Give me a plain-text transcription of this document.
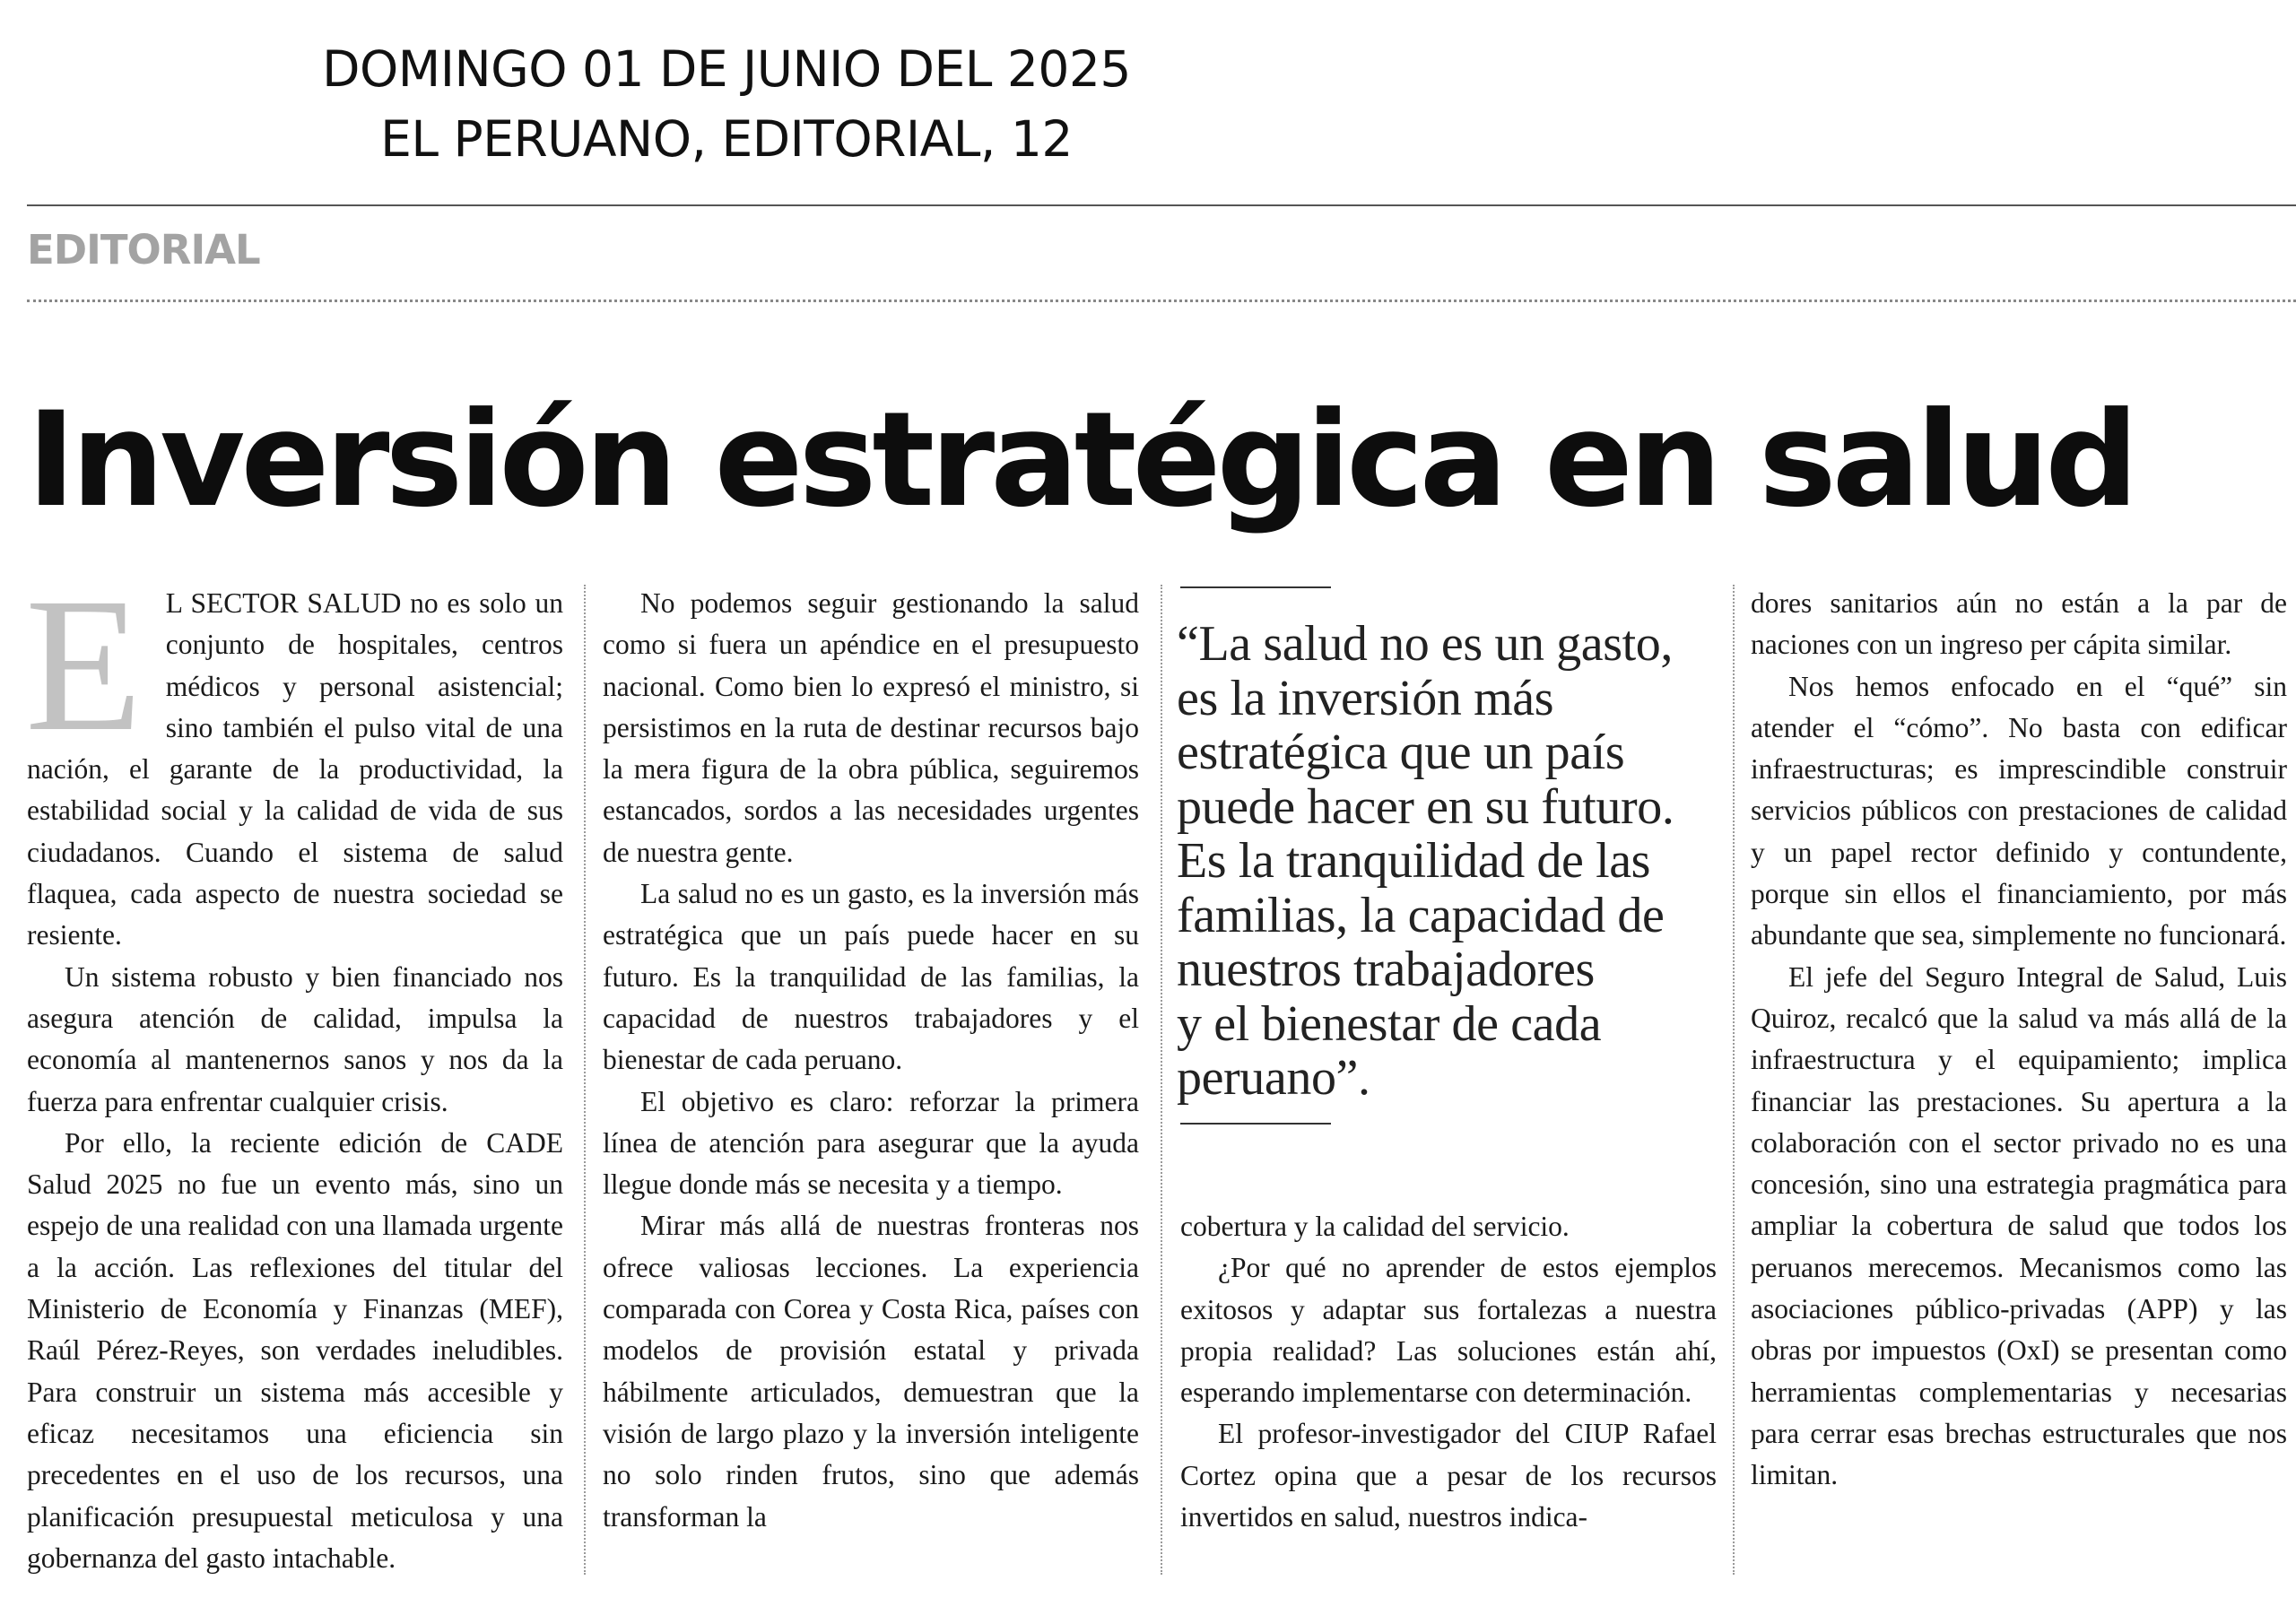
DOMINGO 01 DE JUNIO DEL 2025
EL PERUANO, EDITORIAL, 12
EDITORIAL
Inversión estratégica en salud

E L SECTOR SALUD no es solo un conjunto de hospitales, centros médicos y personal asistencial; sino también el pulso vital de una nación, el garante de la productividad, la estabilidad social y la calidad de vida de sus ciudadanos. Cuando el sistema de salud flaquea, cada aspecto de nuestra sociedad se resiente.

Un sistema robusto y bien financiado nos asegura atención de calidad, impulsa la economía al mantenernos sanos y nos da la fuerza para enfrentar cualquier crisis.

Por ello, la reciente edición de CADE Salud 2025 no fue un evento más, sino un espejo de una realidad con una llamada urgente a la acción. Las reflexiones del titular del Ministerio de Economía y Finanzas (MEF), Raúl Pérez-Reyes, son verdades ineludibles. Para construir un sistema más accesible y eficaz necesitamos una eficiencia sin precedentes en el uso de los recursos, una planificación presupuestal meticulosa y una gobernanza del gasto intachable.

No podemos seguir gestionando la salud como si fuera un apéndice en el presupuesto nacional. Como bien lo expresó el ministro, si persistimos en la ruta de destinar recursos bajo la mera figura de la obra pública, seguiremos estancados, sordos a las necesidades urgentes de nuestra gente.

La salud no es un gasto, es la inversión más estratégica que un país puede hacer en su futuro. Es la tranquilidad de las familias, la capacidad de nuestros trabajadores y el bienestar de cada peruano.

El objetivo es claro: reforzar la primera línea de atención para asegurar que la ayuda llegue donde más se necesita y a tiempo.

Mirar más allá de nuestras fronteras nos ofrece valiosas lecciones. La experiencia comparada con Corea y Costa Rica, países con modelos de provisión estatal y privada hábilmente articulados, demuestran que la visión de largo plazo y la inversión inteligente no solo rinden frutos, sino que además transforman la

“La salud no es un gasto,
es la inversión más
estratégica que un país
puede hacer en su futuro.
Es la tranquilidad de las
familias, la capacidad de
nuestros trabajadores
y el bienestar de cada
peruano”.

cobertura y la calidad del servicio.

¿Por qué no aprender de estos ejemplos exitosos y adaptar sus fortalezas a nuestra propia realidad? Las soluciones están ahí, esperando implementarse con determinación.

El profesor-investigador del CIUP Rafael Cortez opina que a pesar de los recursos invertidos en salud, nuestros indica-

dores sanitarios aún no están a la par de naciones con un ingreso per cápita similar.

Nos hemos enfocado en el “qué” sin atender el “cómo”. No basta con edificar infraestructuras; es imprescindible construir servicios públicos con prestaciones de calidad y un papel rector definido y contundente, porque sin ellos el financiamiento, por más abundante que sea, simplemente no funcionará.

El jefe del Seguro Integral de Salud, Luis Quiroz, recalcó que la salud va más allá de la infraestructura y el equipamiento; implica financiar las prestaciones. Su apertura a la colaboración con el sector privado no es una concesión, sino una estrategia pragmática para ampliar la cobertura de salud que todos los peruanos merecemos. Mecanismos como las asociaciones público-privadas (APP) y las obras por impuestos (OxI) se presentan como herramientas complementarias y necesarias para cerrar esas brechas estructurales que nos limitan.
